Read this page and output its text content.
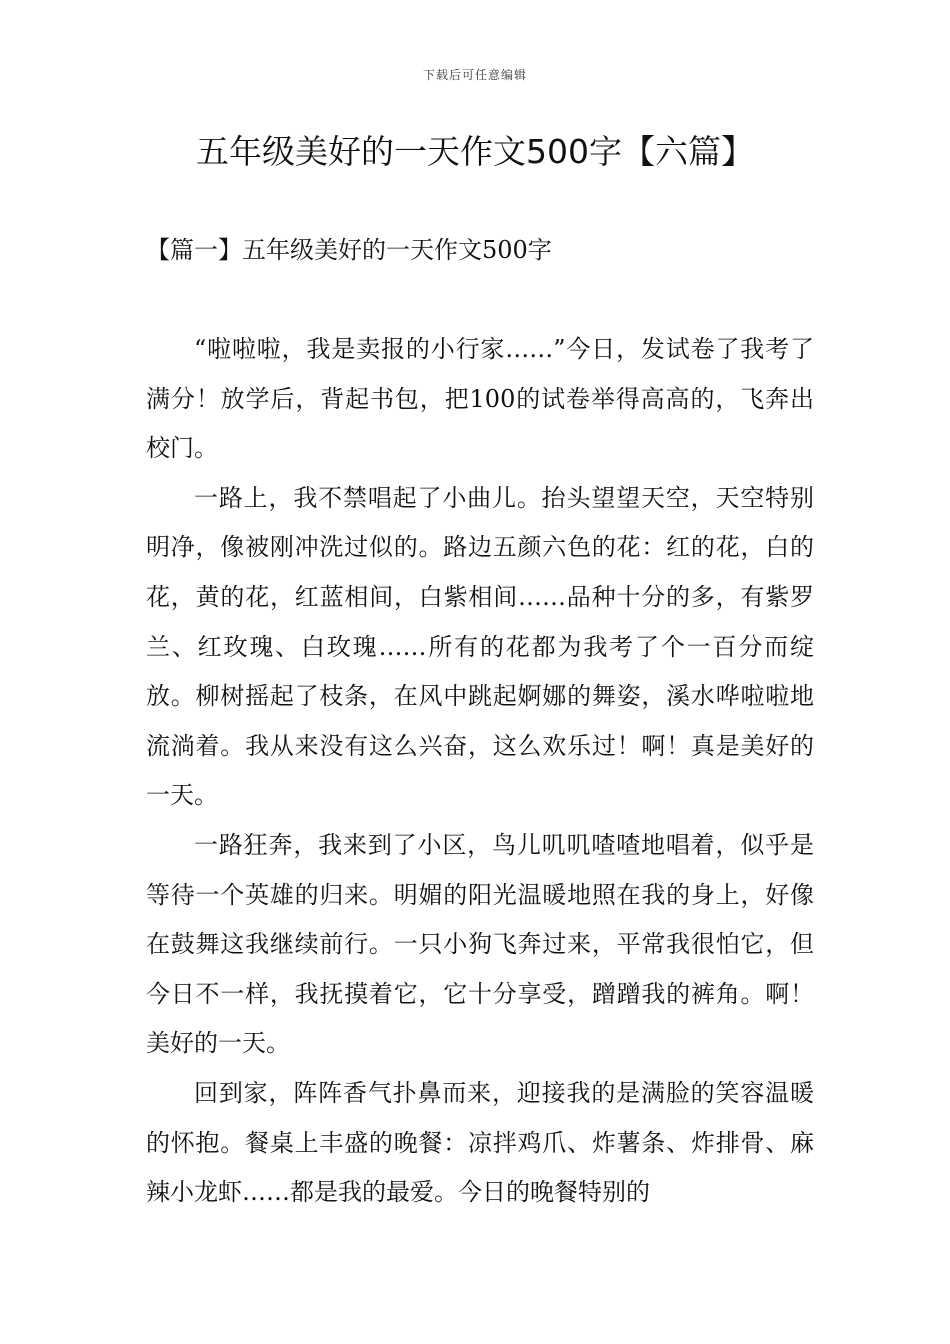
下载后可任意编辑
五年级美好的一天作文500字【六篇】
【篇一】五年级美好的一天作文500字

“啦啦啦，我是卖报的小行家……”今日，发试卷了我考了满分！放学后，背起书包，把100的试卷举得高高的，飞奔出校门。

一路上，我不禁唱起了小曲儿。抬头望望天空，天空特别明净，像被刚冲洗过似的。路边五颜六色的花：红的花，白的花，黄的花，红蓝相间，白紫相间……品种十分的多，有紫罗兰、红玫瑰、白玫瑰……所有的花都为我考了个一百分而绽放。柳树摇起了枝条，在风中跳起婀娜的舞姿，溪水哗啦啦地流淌着。我从来没有这么兴奋，这么欢乐过！啊！真是美好的一天。

一路狂奔，我来到了小区，鸟儿叽叽喳喳地唱着，似乎是等待一个英雄的归来。明媚的阳光温暖地照在我的身上，好像在鼓舞这我继续前行。一只小狗飞奔过来，平常我很怕它，但今日不一样，我抚摸着它，它十分享受，蹭蹭我的裤角。啊！美好的一天。

回到家，阵阵香气扑鼻而来，迎接我的是满脸的笑容温暖的怀抱。餐桌上丰盛的晚餐：凉拌鸡爪、炸薯条、炸排骨、麻辣小龙虾……都是我的最爱。今日的晚餐特别的
